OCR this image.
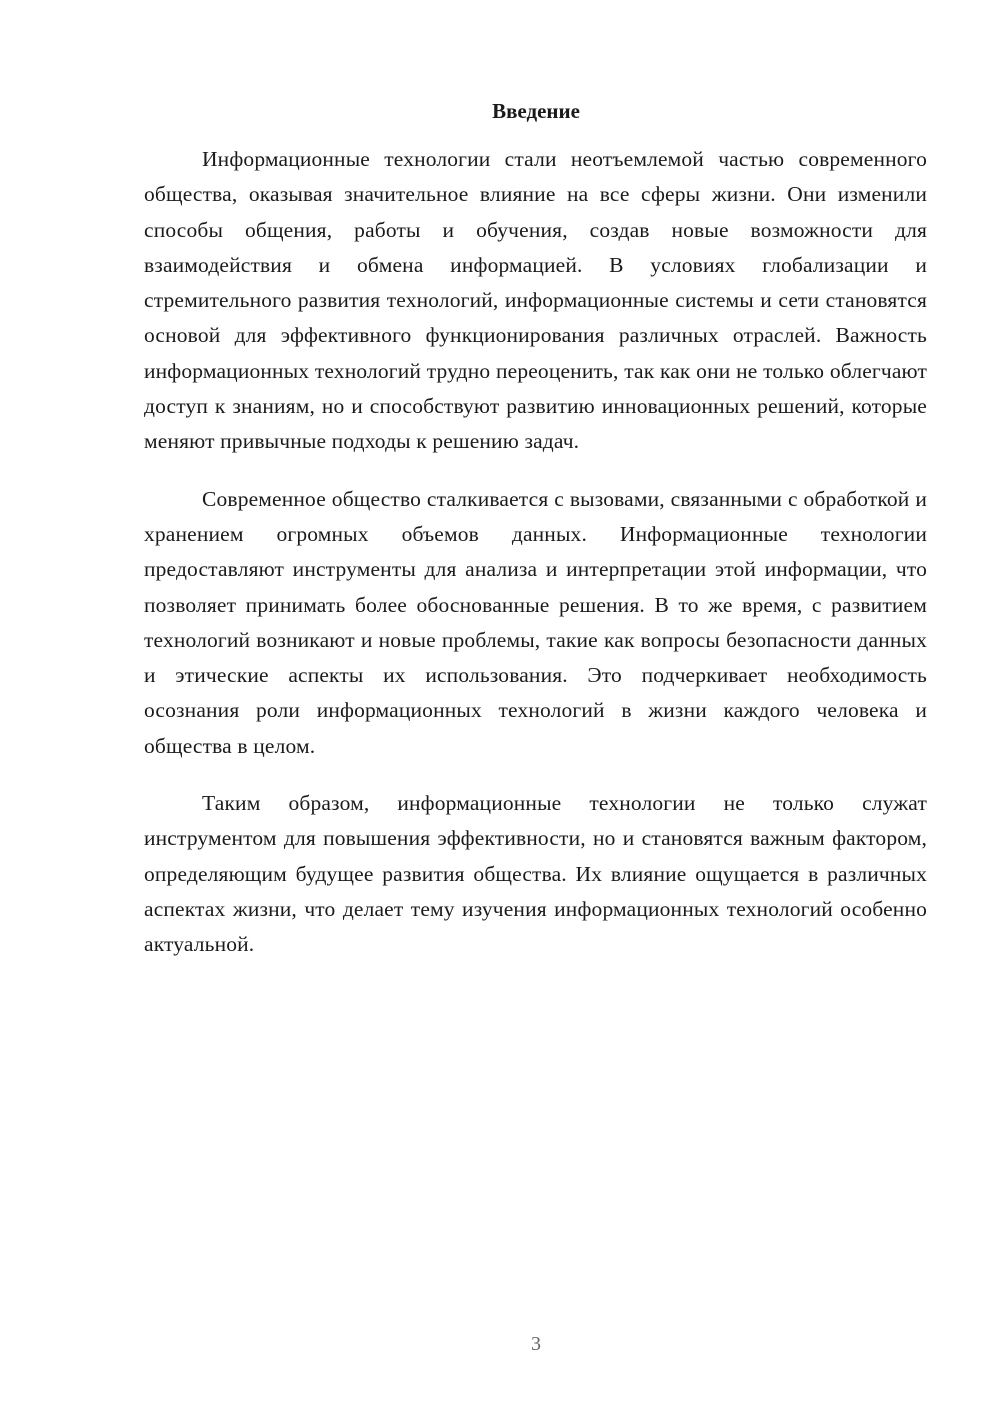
Введение

Информационные технологии стали неотъемлемой частью современного общества, оказывая значительное влияние на все сферы жизни. Они изменили способы общения, работы и обучения, создав новые возможности для взаимодействия и обмена информацией. В условиях глобализации и стремительного развития технологий, информационные системы и сети становятся основой для эффективного функционирования различных отраслей. Важность информационных технологий трудно переоценить, так как они не только облегчают доступ к знаниям, но и способствуют развитию инновационных решений, которые меняют привычные подходы к решению задач.

Современное общество сталкивается с вызовами, связанными с обработкой и хранением огромных объемов данных. Информационные технологии предоставляют инструменты для анализа и интерпретации этой информации, что позволяет принимать более обоснованные решения. В то же время, с развитием технологий возникают и новые проблемы, такие как вопросы безопасности данных и этические аспекты их использования. Это подчеркивает необходимость осознания роли информационных технологий в жизни каждого человека и общества в целом.

Таким образом, информационные технологии не только служат инструментом для повышения эффективности, но и становятся важным фактором, определяющим будущее развития общества. Их влияние ощущается в различных аспектах жизни, что делает тему изучения информационных технологий особенно актуальной.

3
